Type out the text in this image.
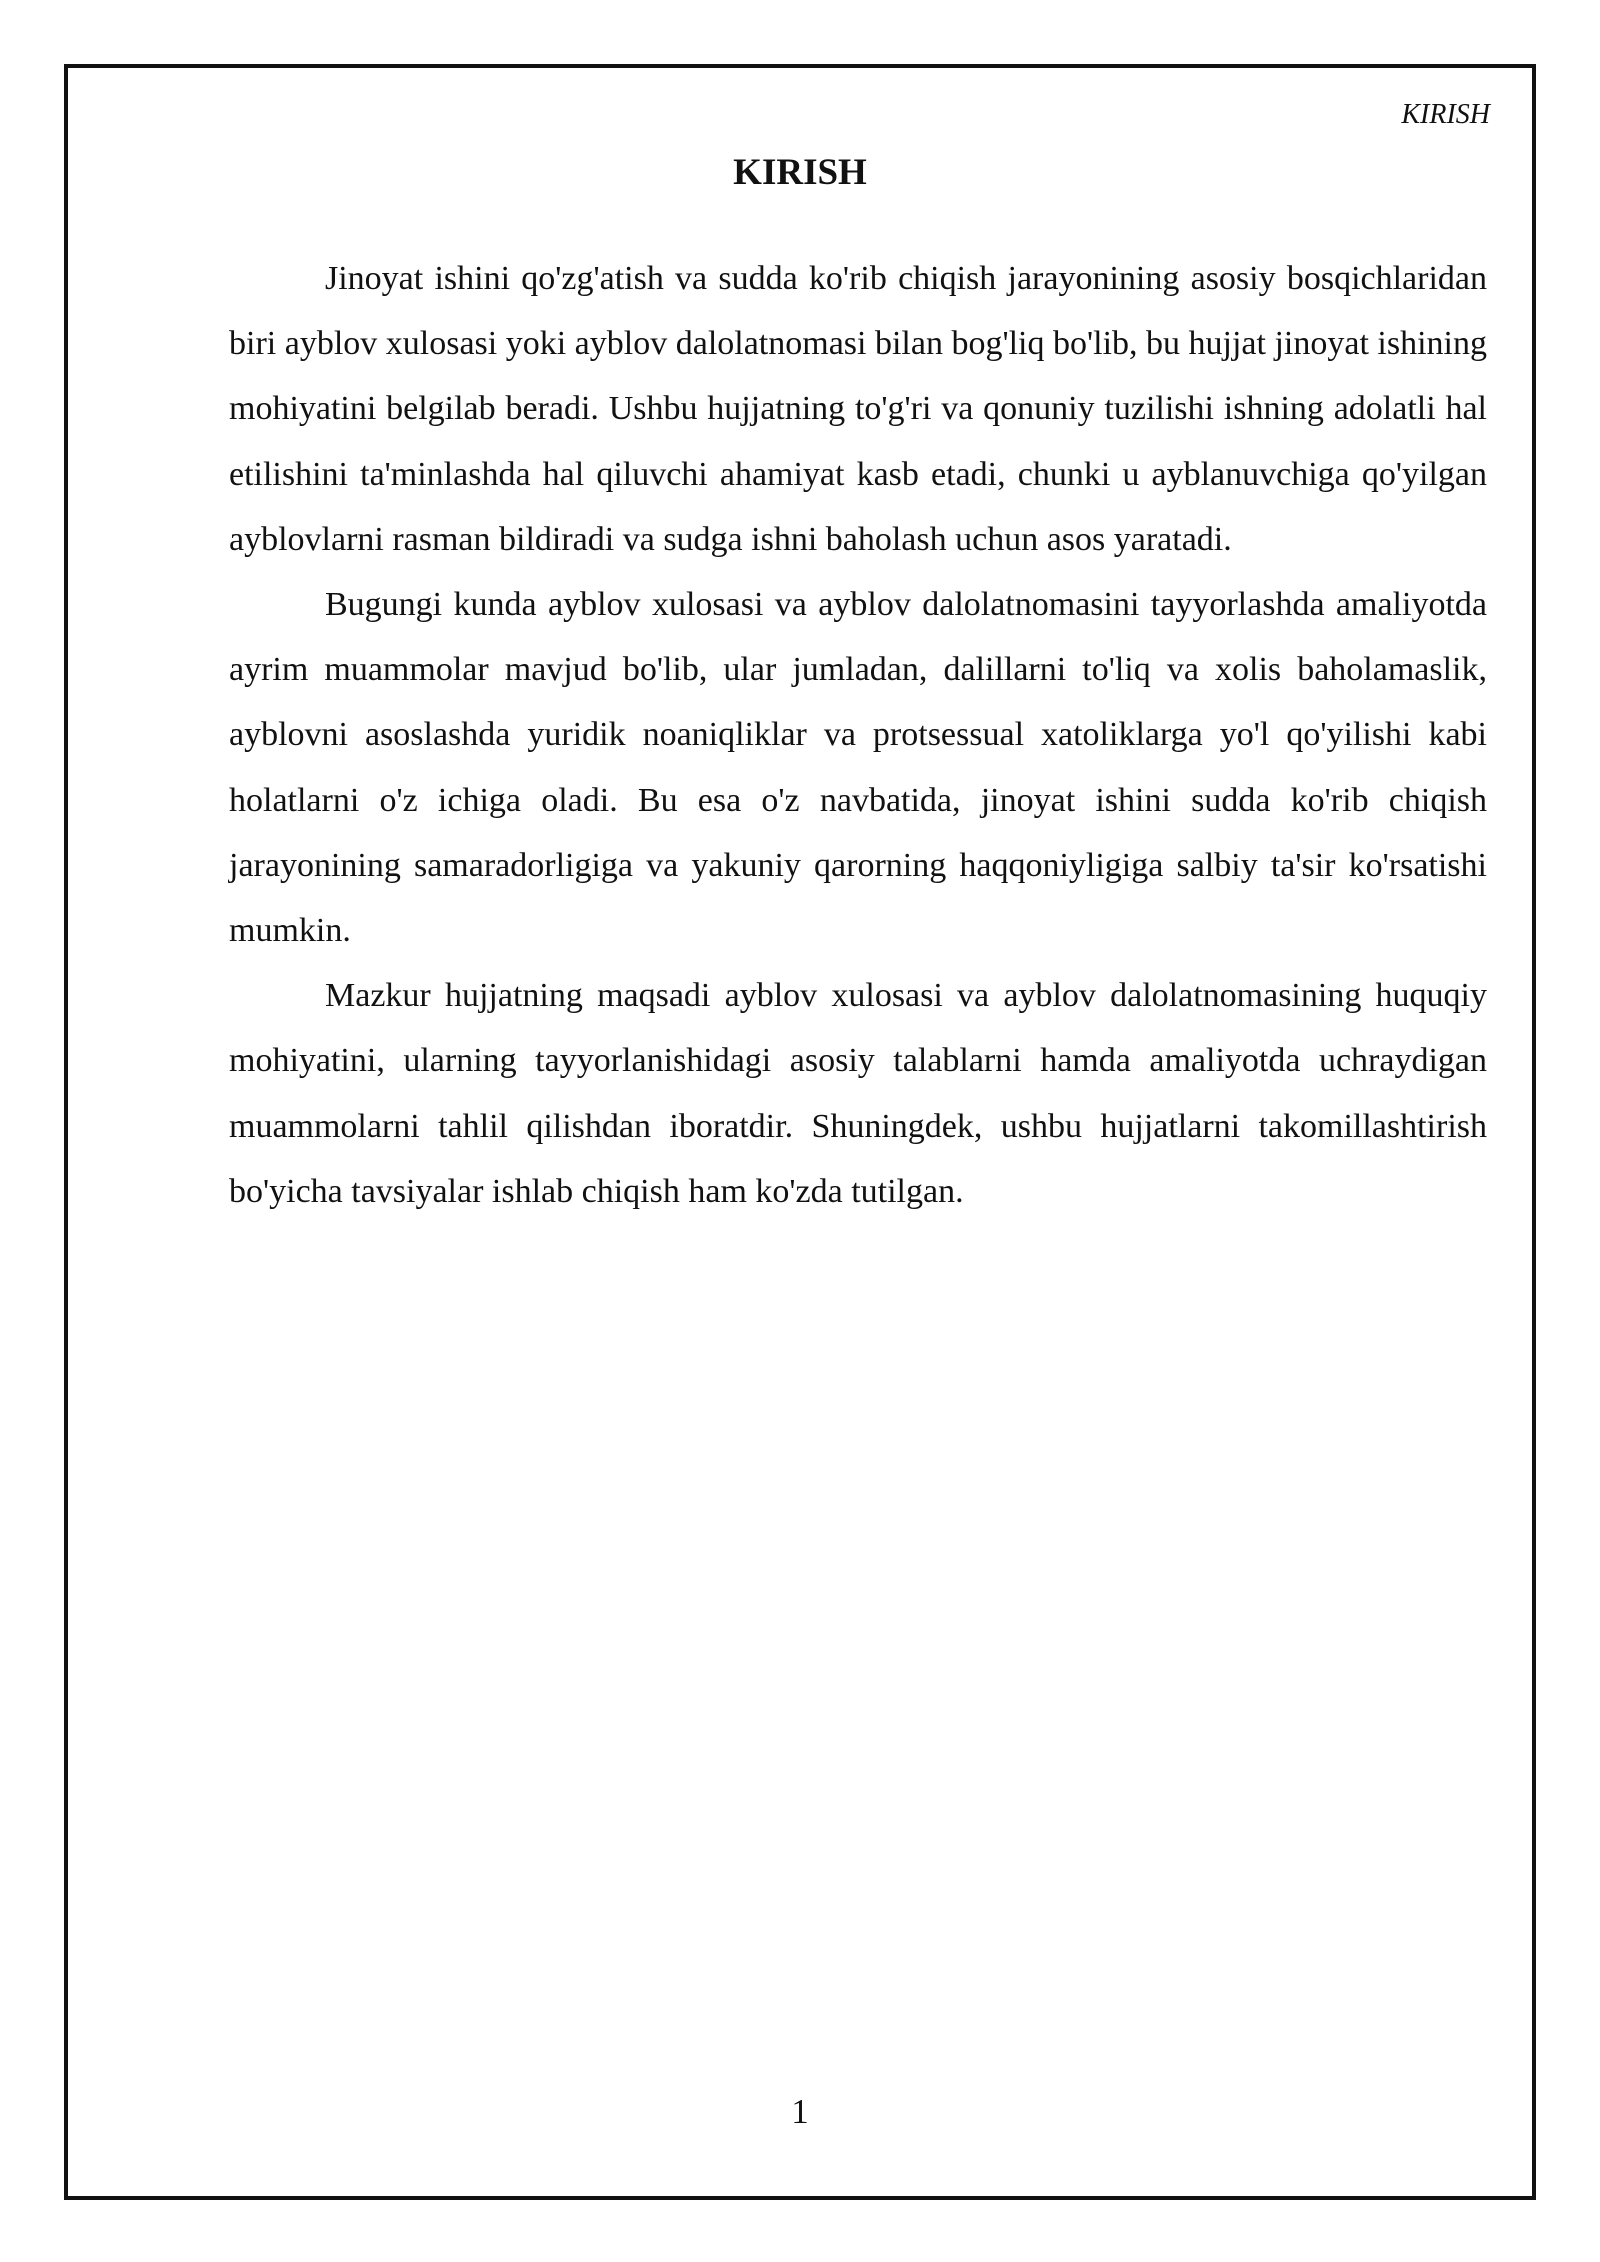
KIRISH
KIRISH

Jinoyat ishini qo'zg'atish va sudda ko'rib chiqish jarayonining asosiy bosqichlaridan biri ayblov xulosasi yoki ayblov dalolatnomasi bilan bog'liq bo'lib, bu hujjat jinoyat ishining mohiyatini belgilab beradi. Ushbu hujjatning to'g'ri va qonuniy tuzilishi ishning adolatli hal etilishini ta'minlashda hal qiluvchi ahamiyat kasb etadi, chunki u ayblanuvchiga qo'yilgan ayblovlarni rasman bildiradi va sudga ishni baholash uchun asos yaratadi.

Bugungi kunda ayblov xulosasi va ayblov dalolatnomasini tayyorlashda amaliyotda ayrim muammolar mavjud bo'lib, ular jumladan, dalillarni to'liq va xolis baholamaslik, ayblovni asoslashda yuridik noaniqliklar va protsessual xatoliklarga yo'l qo'yilishi kabi holatlarni o'z ichiga oladi. Bu esa o'z navbatida, jinoyat ishini sudda ko'rib chiqish jarayonining samaradorligiga va yakuniy qarorning haqqoniyligiga salbiy ta'sir ko'rsatishi mumkin.

Mazkur hujjatning maqsadi ayblov xulosasi va ayblov dalolatnomasining huquqiy mohiyatini, ularning tayyorlanishidagi asosiy talablarni hamda amaliyotda uchraydigan muammolarni tahlil qilishdan iboratdir. Shuningdek, ushbu hujjatlarni takomillashtirish bo'yicha tavsiyalar ishlab chiqish ham ko'zda tutilgan.

1
